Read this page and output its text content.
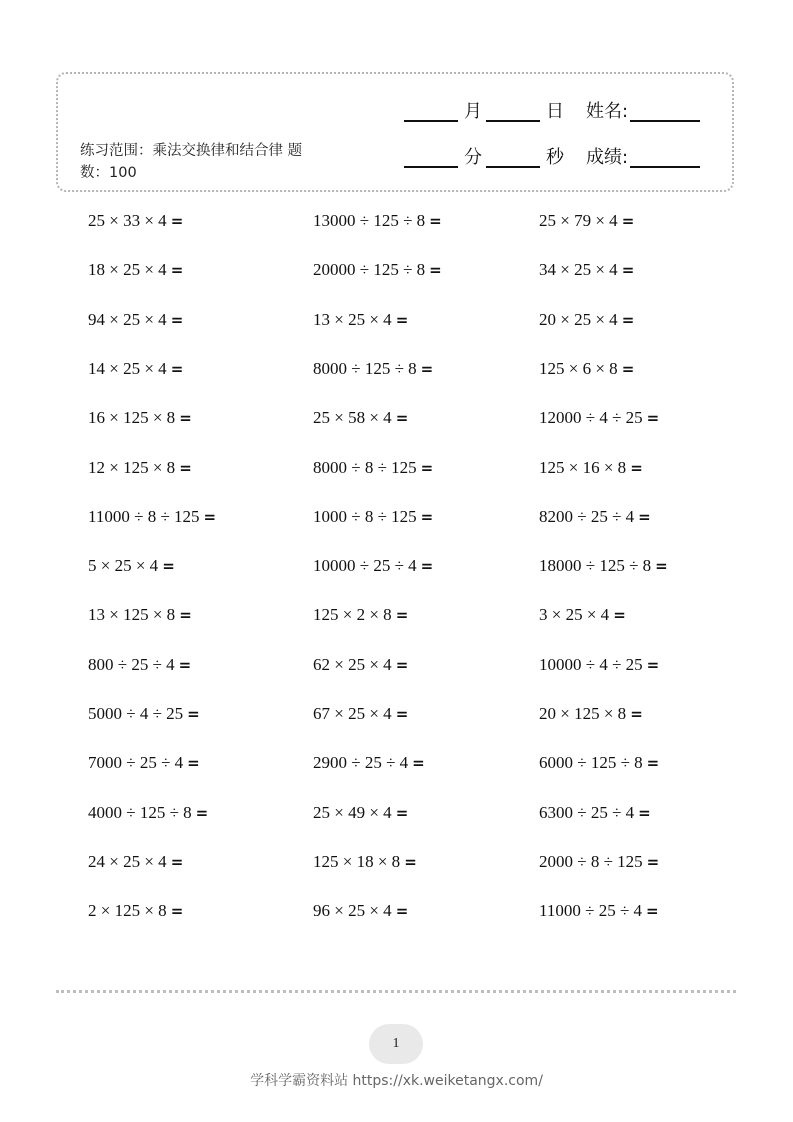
练习范围：乘法交换律和结合律 题数：100
月	日 姓名:
分	秒 成绩:
25 × 33 × 4 =	13000 ÷ 125 ÷ 8 =	25 × 79 × 4 =
18 × 25 × 4 =	20000 ÷ 125 ÷ 8 =	34 × 25 × 4 =
94 × 25 × 4 =	13 × 25 × 4 =	20 × 25 × 4 =
14 × 25 × 4 =	8000 ÷ 125 ÷ 8 =	125 × 6 × 8 =
16 × 125 × 8 =	25 × 58 × 4 =	12000 ÷ 4 ÷ 25 =
12 × 125 × 8 =	8000 ÷ 8 ÷ 125 =	125 × 16 × 8 =
11000 ÷ 8 ÷ 125 =	1000 ÷ 8 ÷ 125 =	8200 ÷ 25 ÷ 4 =
5 × 25 × 4 =	10000 ÷ 25 ÷ 4 =	18000 ÷ 125 ÷ 8 =
13 × 125 × 8 =	125 × 2 × 8 =	3 × 25 × 4 =
800 ÷ 25 ÷ 4 =	62 × 25 × 4 =	10000 ÷ 4 ÷ 25 =
5000 ÷ 4 ÷ 25 =	67 × 25 × 4 =	20 × 125 × 8 =
7000 ÷ 25 ÷ 4 =	2900 ÷ 25 ÷ 4 =	6000 ÷ 125 ÷ 8 =
4000 ÷ 125 ÷ 8 =	25 × 49 × 4 =	6300 ÷ 25 ÷ 4 =
24 × 25 × 4 =	125 × 18 × 8 =	2000 ÷ 8 ÷ 125 =
2 × 125 × 8 =	96 × 25 × 4 =	11000 ÷ 25 ÷ 4 =
1
学科学霸资料站 https://xk.weiketangx.com/
